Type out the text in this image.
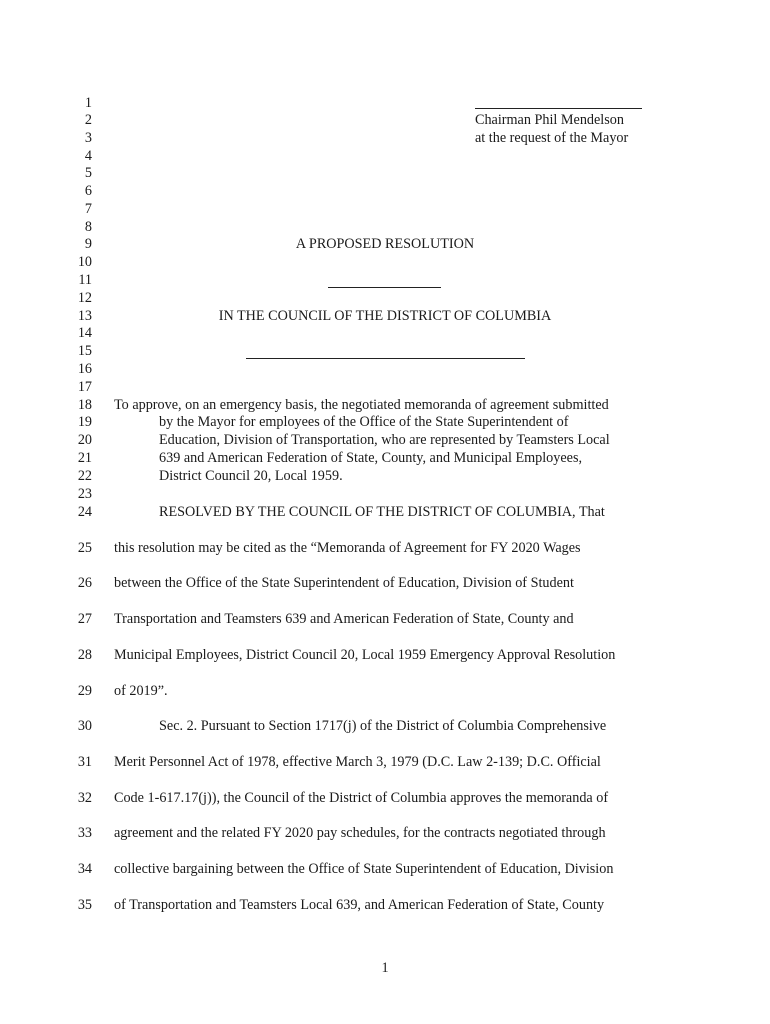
1
2
3
4
5
6
7
8
9
10
11
12
13
14
15
16
17
18
19
20
21
22
23
24
25
26
27
28
29
30
31
32
33
34
35
Chairman Phil Mendelson
at the request of the Mayor
A PROPOSED RESOLUTION
IN THE COUNCIL OF THE DISTRICT OF COLUMBIA
To approve, on an emergency basis, the negotiated memoranda of agreement submitted
by the Mayor for employees of the Office of the State Superintendent of
Education, Division of Transportation, who are represented by Teamsters Local
639 and American Federation of State, County, and Municipal Employees,
District Council 20, Local 1959.
RESOLVED BY THE COUNCIL OF THE DISTRICT OF COLUMBIA, That
this resolution may be cited as the “Memoranda of Agreement for FY 2020 Wages
between the Office of the State Superintendent of Education, Division of Student
Transportation and Teamsters 639 and American Federation of State, County and
Municipal Employees, District Council 20, Local 1959 Emergency Approval Resolution
of 2019”.
Sec. 2. Pursuant to Section 1717(j) of the District of Columbia Comprehensive
Merit Personnel Act of 1978, effective March 3, 1979 (D.C. Law 2-139; D.C. Official
Code 1-617.17(j)), the Council of the District of Columbia approves the memoranda of
agreement and the related FY 2020 pay schedules, for the contracts negotiated through
collective bargaining between the Office of State Superintendent of Education, Division
of Transportation and Teamsters Local 639, and American Federation of State, County
1
